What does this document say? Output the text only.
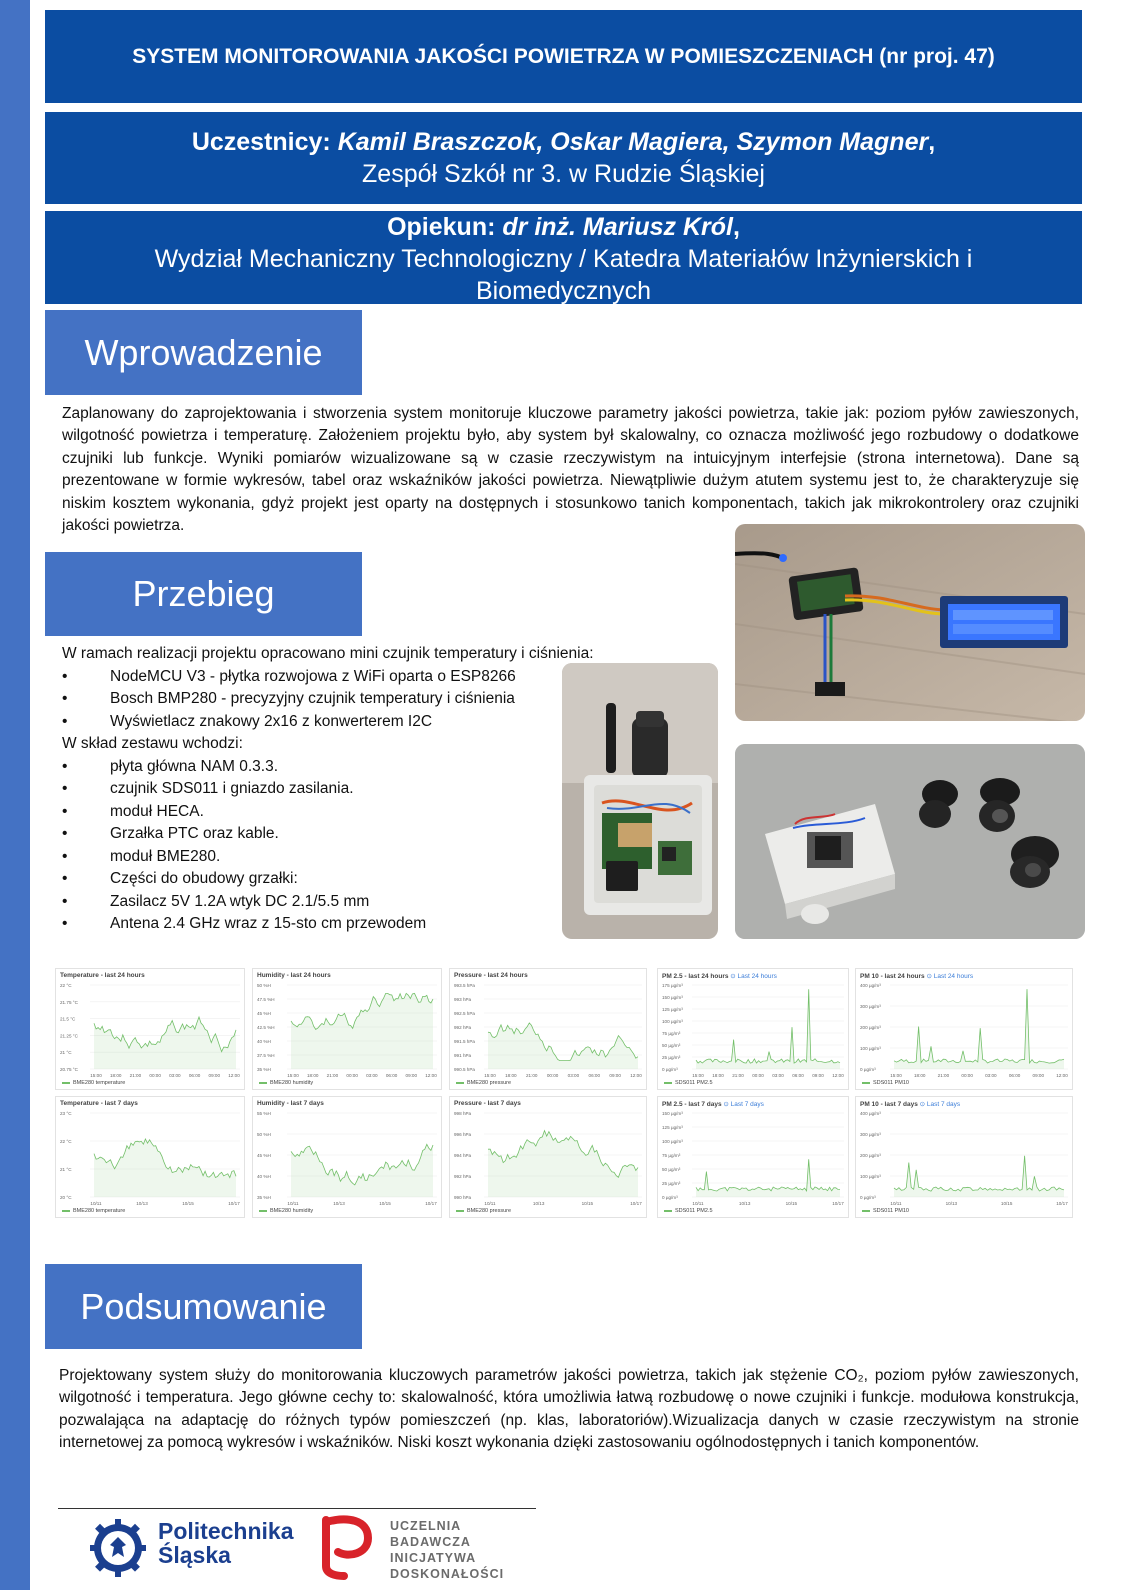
SYSTEM MONITOROWANIA JAKOŚCI POWIETRZA W POMIESZCZENIACH (nr proj. 47)
Uczestnicy: Kamil Braszczok, Oskar Magiera, Szymon Magner,
Zespół Szkół nr 3. w Rudzie Śląskiej
Opiekun: dr inż. Mariusz Król,
Wydział Mechaniczny Technologiczny / Katedra Materiałów Inżynierskich i Biomedycznych
Wprowadzenie
Zaplanowany do zaprojektowania i stworzenia system monitoruje kluczowe parametry jakości powietrza, takie jak: poziom pyłów zawieszonych, wilgotność powietrza i temperaturę. Założeniem projektu było, aby system był skalowalny, co oznacza możliwość jego rozbudowy o dodatkowe czujniki lub funkcje. Wyniki pomiarów wizualizowane są w czasie rzeczywistym na intuicyjnym interfejsie (strona internetowa). Dane są prezentowane w formie wykresów, tabel oraz wskaźników jakości powietrza. Niewątpliwie dużym atutem systemu jest to, że charakteryzuje się niskim kosztem wykonania, gdyż projekt jest oparty na dostępnych i stosunkowo tanich komponentach, takich jak mikrokontrolery oraz czujniki jakości powietrza.
Przebieg
W ramach realizacji projektu opracowano mini czujnik temperatury i ciśnienia:
•	NodeMCU V3 - płytka rozwojowa z WiFi oparta o ESP8266
•	Bosch BMP280 - precyzyjny czujnik temperatury i ciśnienia
•	Wyświetlacz znakowy 2x16 z konwerterem I2C
W skład zestawu wchodzi:
•	płyta główna NAM 0.3.3.
•	czujnik SDS011 i gniazdo zasilania.
•	moduł HECA.
•	Grzałka PTC oraz kable.
•	moduł BME280.
•	Części do obudowy grzałki:
•	Zasilacz 5V 1.2A wtyk DC 2.1/5.5 mm
•	Antena 2.4 GHz wraz z 15-sto cm przewodem
Temperature - last 24 hours
22 °C
21.75 °C
21.5 °C
21.25 °C
21 °C
20.75 °C
15:00 18:00 21:00 00:00 03:00 06:00 09:00 12:00
BME280 temperature
Humidity - last 24 hours
50 %H
47.5 %H
45 %H
42.5 %H
40 %H
37.5 %H
35 %H
15:00 18:00 21:00 00:00 03:00 06:00 09:00 12:00
BME280 humidity
Pressure - last 24 hours
993.5 hPa
993 hPa
992.5 hPa
992 hPa
991.5 hPa
991 hPa
990.5 hPa
15:00 18:00 21:00 00:00 03:00 06:00 09:00 12:00
BME280 pressure
PM 2.5 - last 24 hours ⊙ Last 24 hours
175 µg/m³
150 µg/m³
125 µg/m³
100 µg/m³
75 µg/m³
50 µg/m³
25 µg/m³
0 µg/m³
15:00 18:00 21:00 00:00 03:00 06:00 09:00 12:00
SDS011 PM2.5
PM 10 - last 24 hours ⊙ Last 24 hours
400 µg/m³
300 µg/m³
200 µg/m³
100 µg/m³
0 µg/m³
15:00	18:00	21:00	00:00	03:00	06:00	09:00	12:00
SDS011 PM10
Temperature - last 7 days
23 °C
22 °C
21 °C
20 °C
10/11	10/13	10/15	10/17
BME280 temperature
Humidity - last 7 days
55 %H
50 %H
45 %H
40 %H
35 %H
10/11	10/13	10/15	10/17
BME280 humidity
Pressure - last 7 days
998 hPa
996 hPa
994 hPa
992 hPa
990 hPa
10/11	10/13	10/15	10/17
BME280 pressure
PM 2.5 - last 7 days ⊙ Last 7 days
150 µg/m³
125 µg/m³
100 µg/m³
75 µg/m³
50 µg/m³
25 µg/m³
0 µg/m³
10/11	10/13	10/15	10/17
SDS011 PM2.5
PM 10 - last 7 days ⊙ Last 7 days
400 µg/m³
300 µg/m³
200 µg/m³
100 µg/m³
0 µg/m³
10/11	10/13	10/15	10/17
SDS011 PM10
Podsumowanie
Projektowany system służy do monitorowania kluczowych parametrów jakości powietrza, takich jak stężenie CO₂, poziom pyłów zawieszonych, wilgotność i temperatura. Jego główne cechy to: skalowalność, która umożliwia łatwą rozbudowę o nowe czujniki i funkcje. modułowa konstrukcja, pozwalająca na adaptację do różnych typów pomieszczeń (np. klas, laboratoriów).Wizualizacja danych w czasie rzeczywistym na stronie internetowej za pomocą wykresów i wskaźników. Niski koszt wykonania dzięki zastosowaniu ogólnodostępnych i tanich komponentów.
Politechnika Śląska
UCZELNIA BADAWCZA INICJATYWA DOSKONAŁOŚCI
